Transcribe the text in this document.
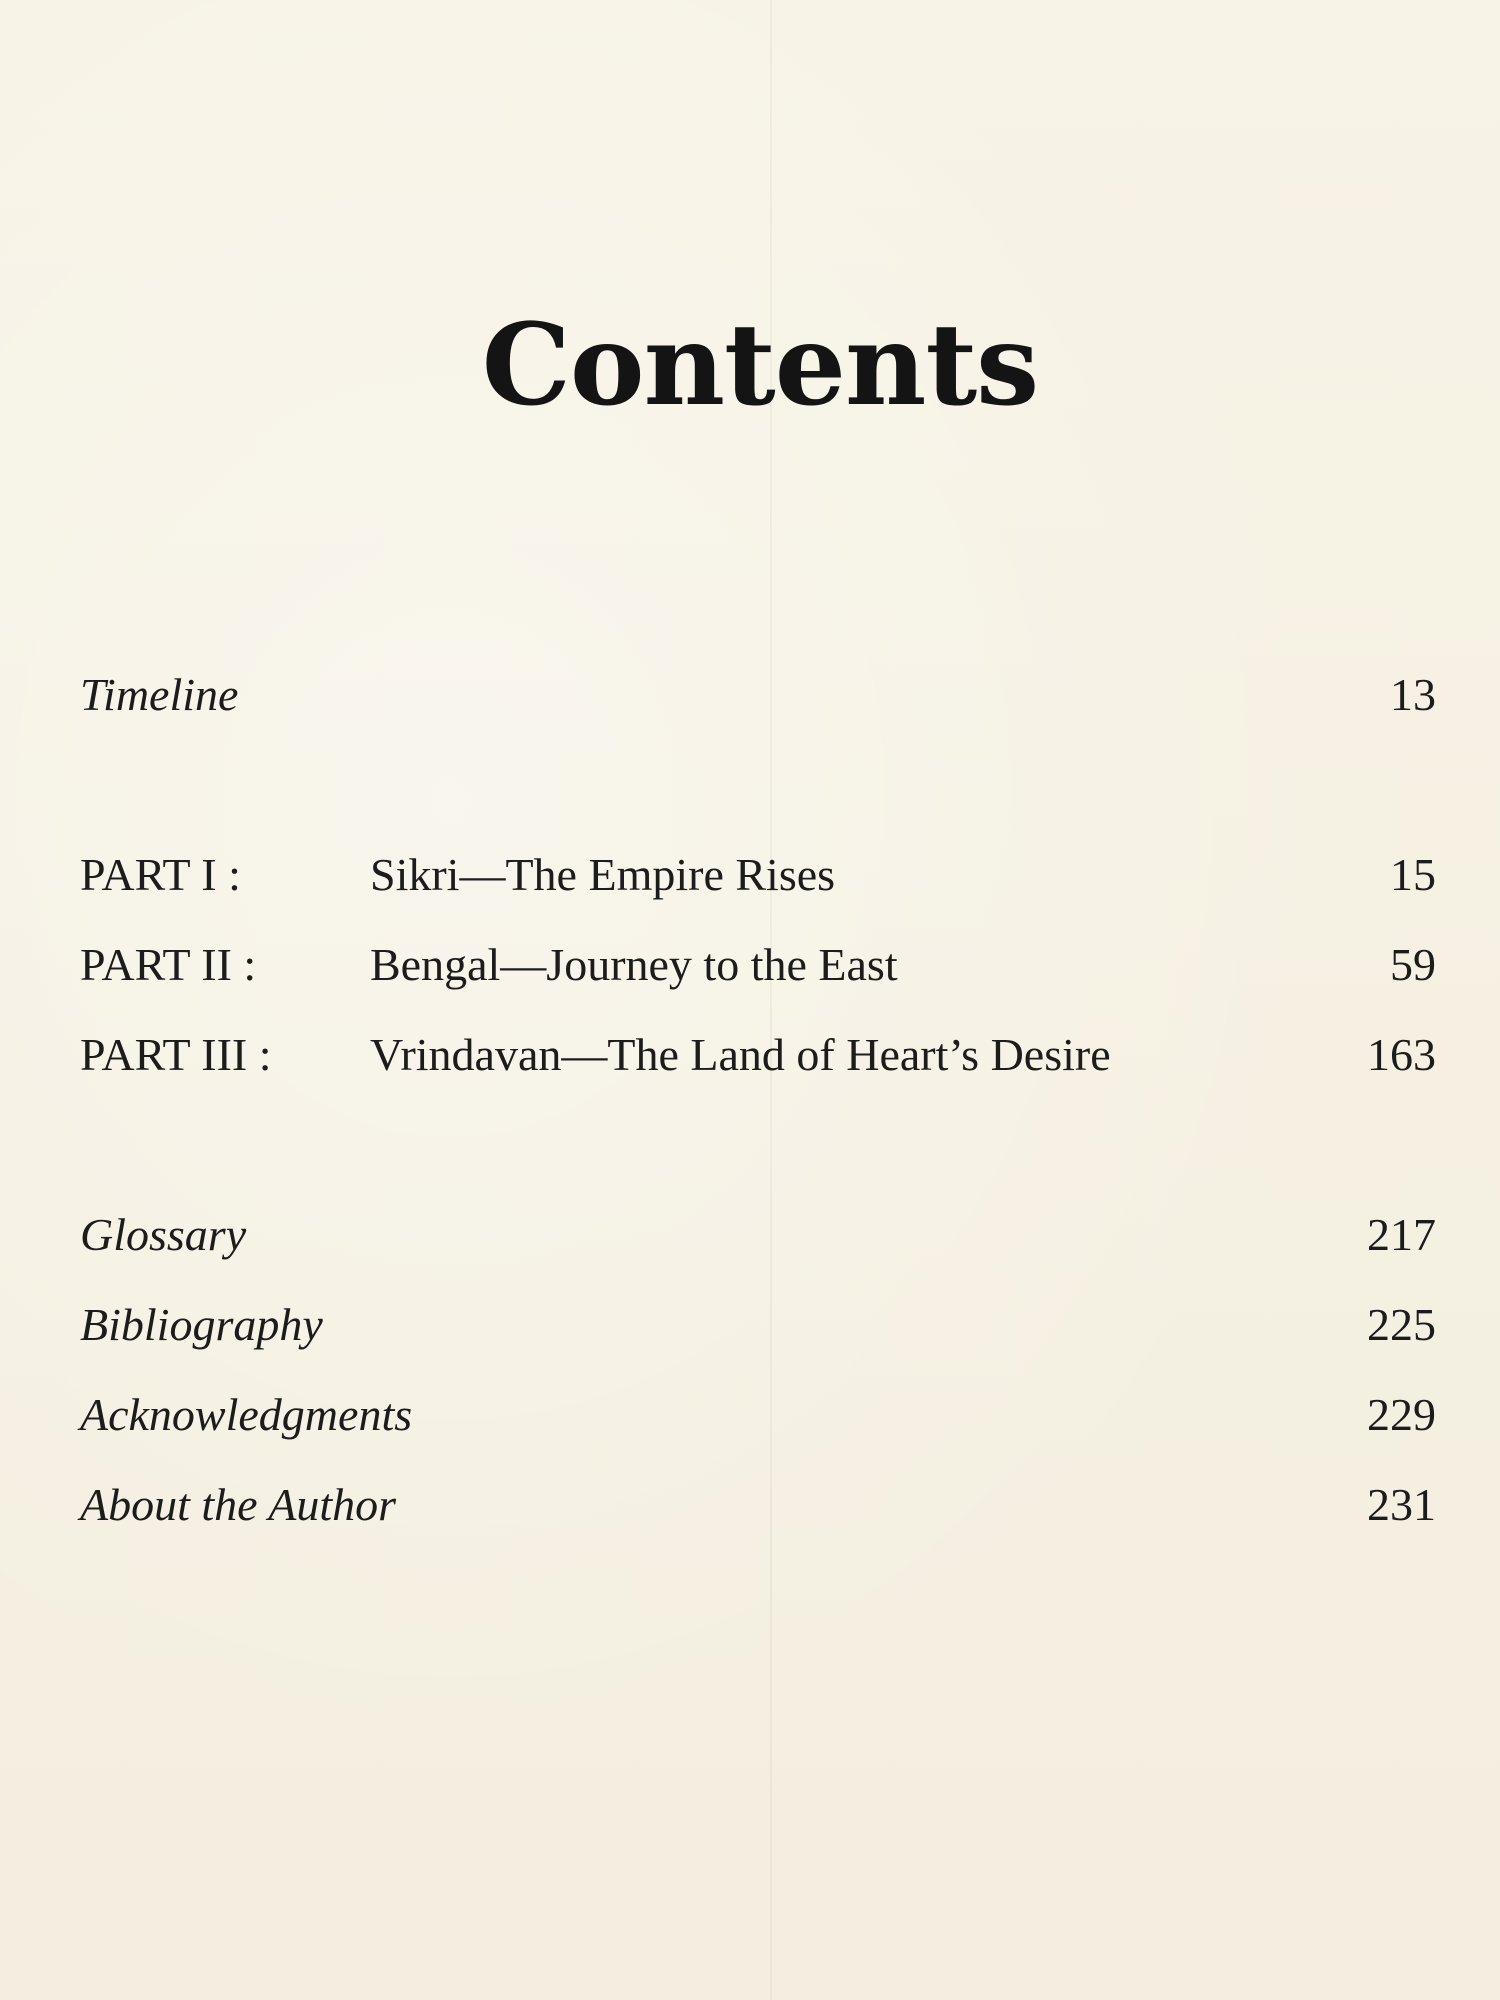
Contents
Timeline	13
PART I :	Sikri—The Empire Rises	15
PART II : Bengal—Journey to the East	59
PART III : Vrindavan—The Land of Heart’s Desire	163
Glossary	217
Bibliography	225
Acknowledgments	229
About the Author	231
